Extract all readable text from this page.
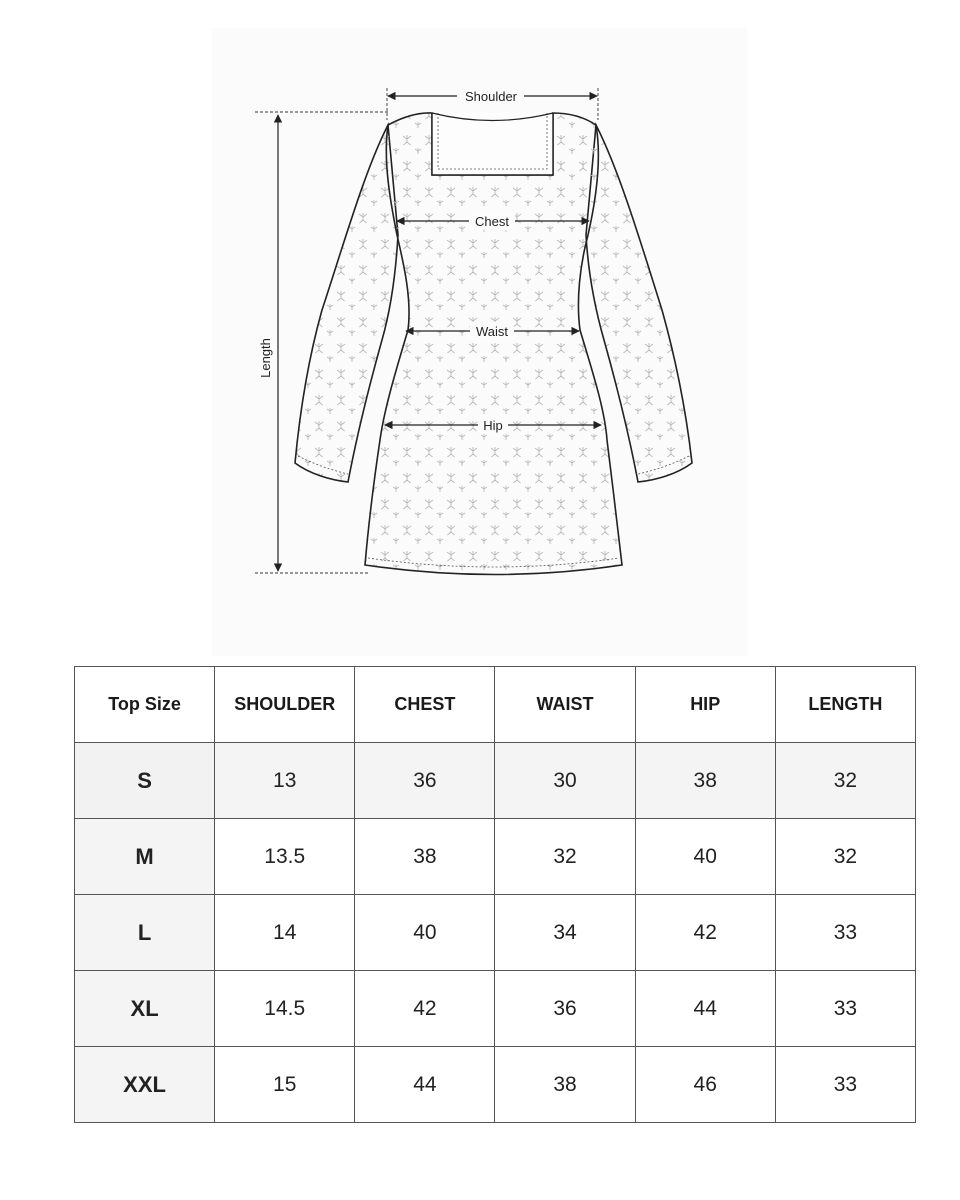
Shoulder
Chest
Waist
Hip
Length
Top Size	SHOULDER	CHEST	WAIST	HIP	LENGTH
S	13	36	30	38	32
M	13.5	38	32	40	32
L	14	40	34	42	33
XL	14.5	42	36	44	33
XXL	15	44	38	46	33
